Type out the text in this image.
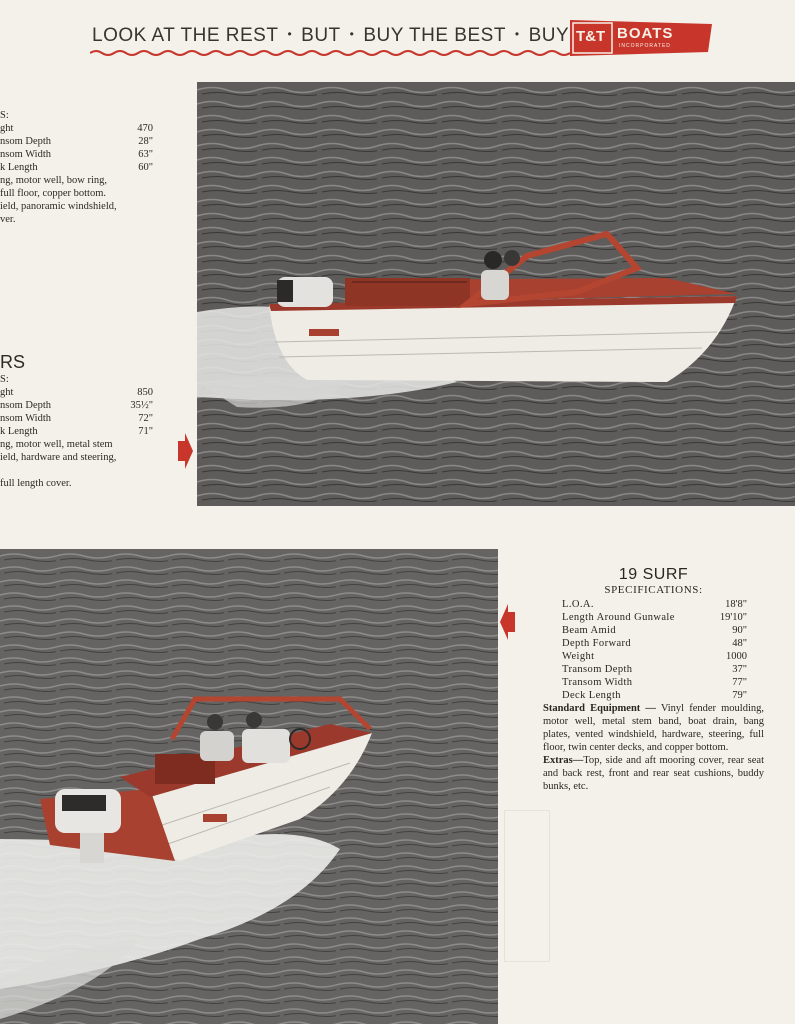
LOOK AT THE REST • BUT • BUY THE BEST • BUY T&T BOATS
INCORPORATED
S:
ght	470
nsom Depth	28"
nsom Width	63"
k Length	60"
ng, motor well, bow ring,
full floor, copper bottom.
ield, panoramic windshield,
ver.
RS
S:
ght	850
nsom Depth	35½"
nsom Width	72"
k Length	71"
ng, motor well, metal stem
ield, hardware and steering,
full length cover.
19 SURF
SPECIFICATIONS:
L.O.A.	18'8"
Length Around Gunwale	19'10"
Beam Amid	90"
Depth Forward	48"
Weight	1000
Transom Depth	37"
Transom Width	77"
Deck Length	79"

Standard Equipment — Vinyl fender moulding, motor well, metal stem band, boat drain, bang plates, vented windshield, hardware, steering, full floor, twin center decks, and copper bottom.

Extras—Top, side and aft mooring cover, rear seat and back rest, front and rear seat cushions, buddy bunks, etc.
